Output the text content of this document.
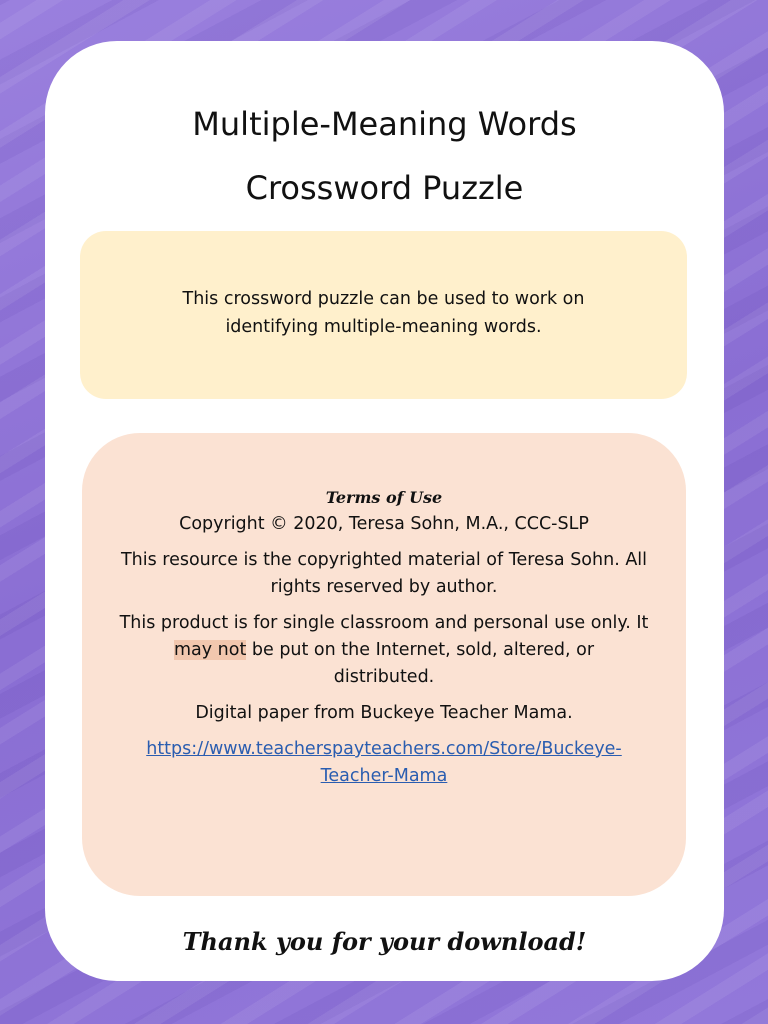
Multiple-Meaning Words
Crossword Puzzle
This crossword puzzle can be used to work on
identifying multiple-meaning words.
Terms of Use

Copyright © 2020, Teresa Sohn, M.A., CCC-SLP

This resource is the copyrighted material of Teresa Sohn. All
rights reserved by author.

This product is for single classroom and personal use only. It
may not be put on the Internet, sold, altered, or
distributed.

Digital paper from Buckeye Teacher Mama.

https://www.teacherspayteachers.com/Store/Buckeye-
Teacher-Mama

Thank you for your download!
